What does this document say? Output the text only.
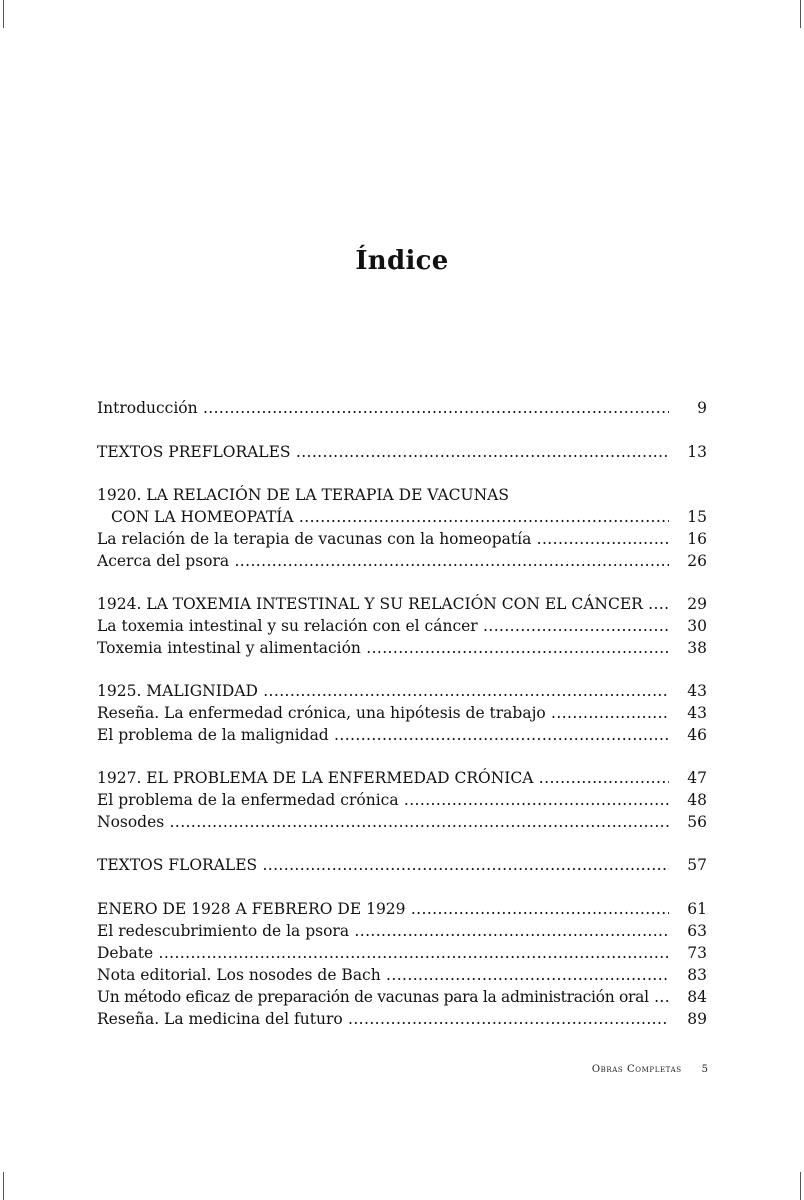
Índice
Introducción .....	9
TEXTOS PREFLORALES .....	13
1920. LA RELACIÓN DE LA TERAPIA DE VACUNAS
CON LA HOMEOPATÍA .....	15
La relación de la terapia de vacunas con la homeopatía .....	16
Acerca del psora .....	26
1924. LA TOXEMIA INTESTINAL Y SU RELACIÓN CON EL CÁNCER .....	29
La toxemia intestinal y su relación con el cáncer .....	30
Toxemia intestinal y alimentación .....	38
1925. MALIGNIDAD .....	43
Reseña. La enfermedad crónica, una hipótesis de trabajo .....	43
El problema de la malignidad .....	46
1927. EL PROBLEMA DE LA ENFERMEDAD CRÓNICA .....	47
El problema de la enfermedad crónica .....	48
Nosodes .....	56
TEXTOS FLORALES .....	57
ENERO DE 1928 A FEBRERO DE 1929 .....	61
El redescubrimiento de la psora .....	63
Debate .....	73
Nota editorial. Los nosodes de Bach .....	83
Un método eficaz de preparación de vacunas para la administración oral .....	84
Reseña. La medicina del futuro .....	89
Obras Completas 5
